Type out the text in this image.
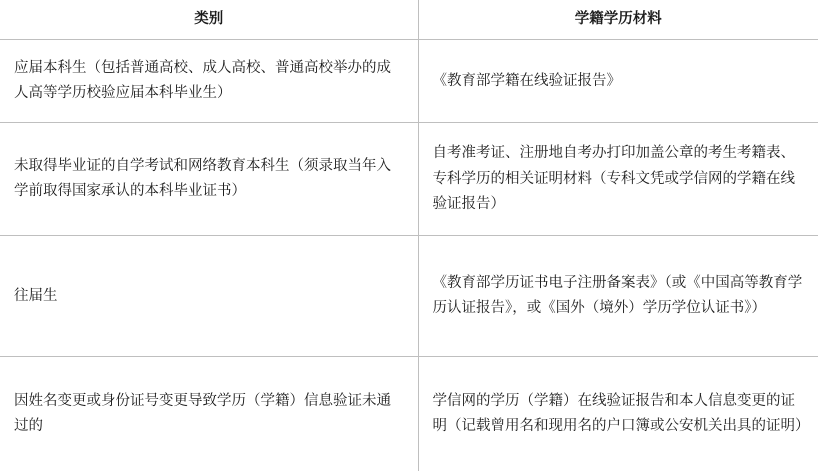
类别	学籍学历材料

应届本科生（包括普通高校、成人高校、普通高校举办的成人高等学历校验应届本科毕业生）	《教育部学籍在线验证报告》

未取得毕业证的自学考试和网络教育本科生（须录取当年入学前取得国家承认的本科毕业证书）	自考准考证、注册地自考办打印加盖公章的考生考籍表、专科学历的相关证明材料（专科文凭或学信网的学籍在线验证报告）

往届生	《教育部学历证书电子注册备案表》（或《中国高等教育学历认证报告》，或《国外（境外）学历学位认证书》）

因姓名变更或身份证号变更导致学历（学籍）信息验证未通过的	学信网的学历（学籍）在线验证报告和本人信息变更的证明（记载曾用名和现用名的户口簿或公安机关出具的证明）
